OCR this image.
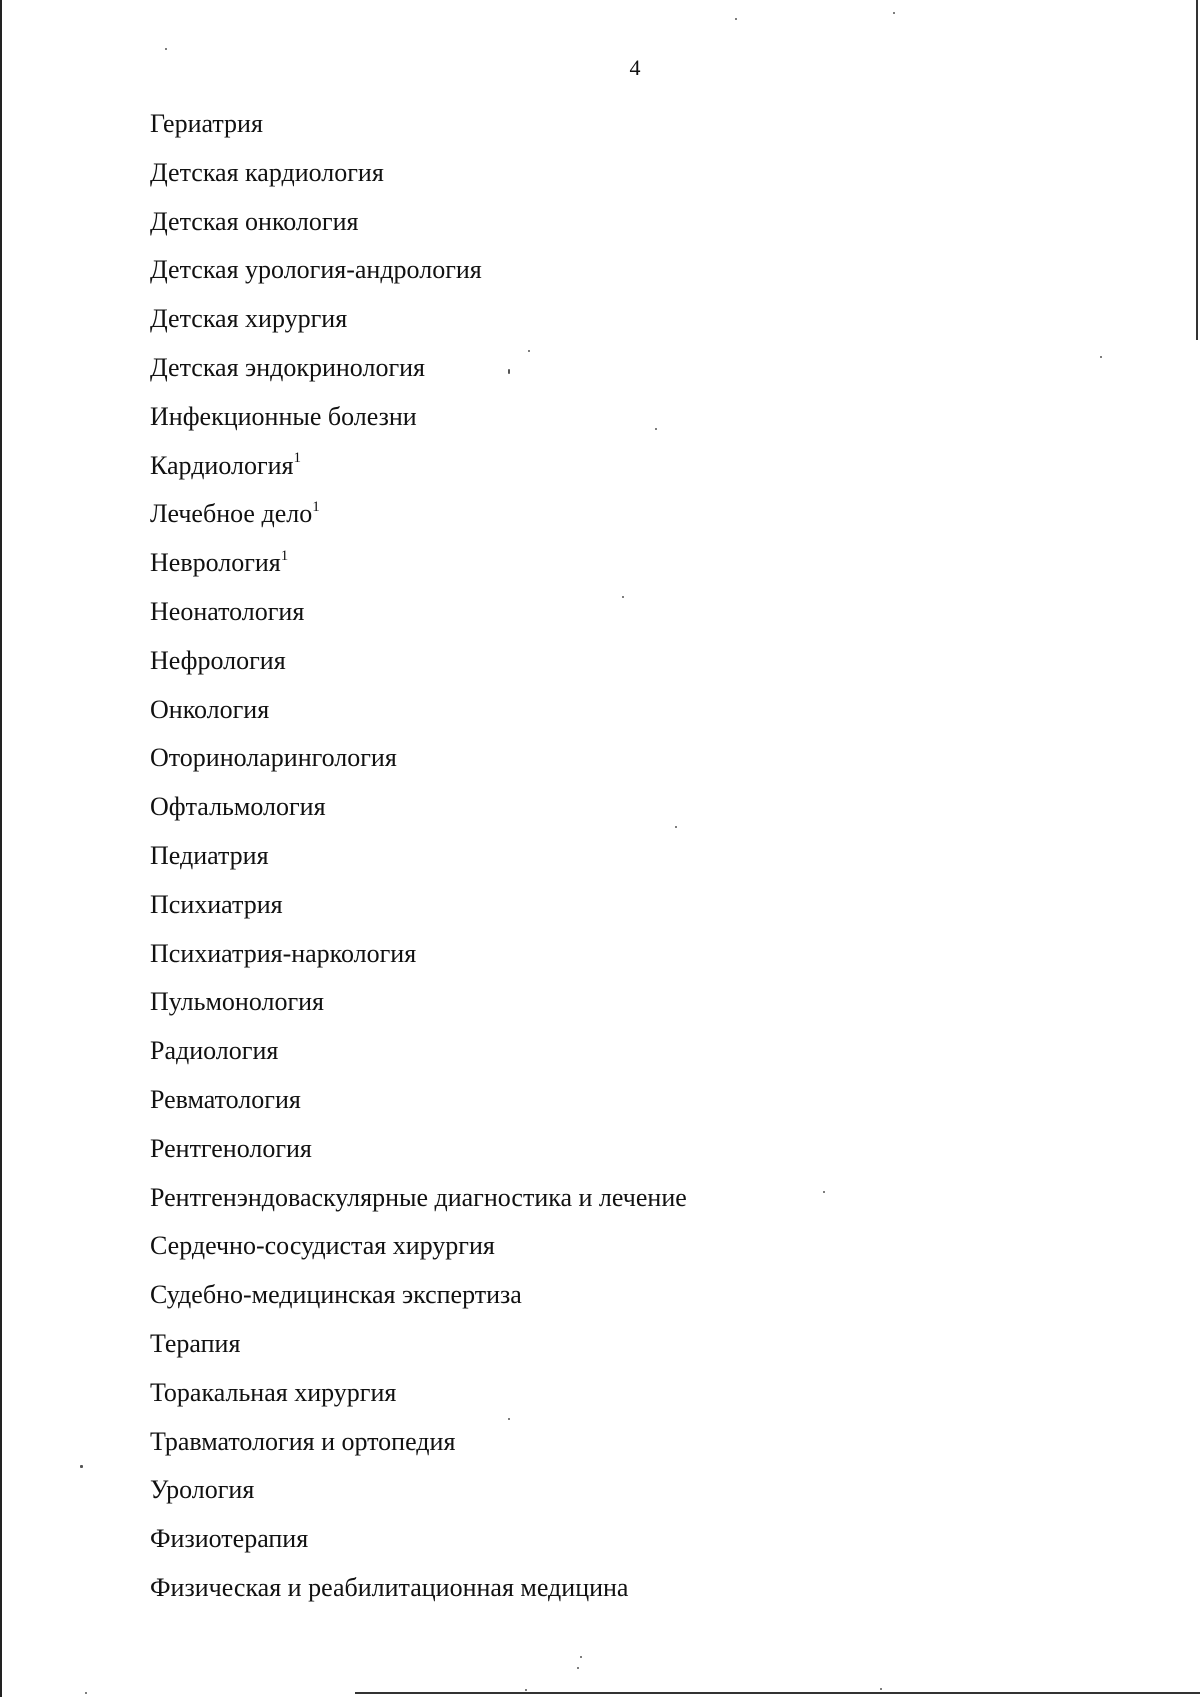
4
Гериатрия
Детская кардиология
Детская онкология
Детская урология-андрология
Детская хирургия
Детская эндокринология
Инфекционные болезни
Кардиология$^1$
Лечебное дело$^1$
Неврология$^1$
Неонатология
Нефрология
Онкология
Оториноларингология
Офтальмология
Педиатрия
Психиатрия
Психиатрия-наркология
Пульмонология
Радиология
Ревматология
Рентгенология
Рентгенэндоваскулярные диагностика и лечение
Сердечно-сосудистая хирургия
Судебно-медицинская экспертиза
Терапия
Торакальная хирургия
Травматология и ортопедия
Урология
Физиотерапия
Физическая и реабилитационная медицина
